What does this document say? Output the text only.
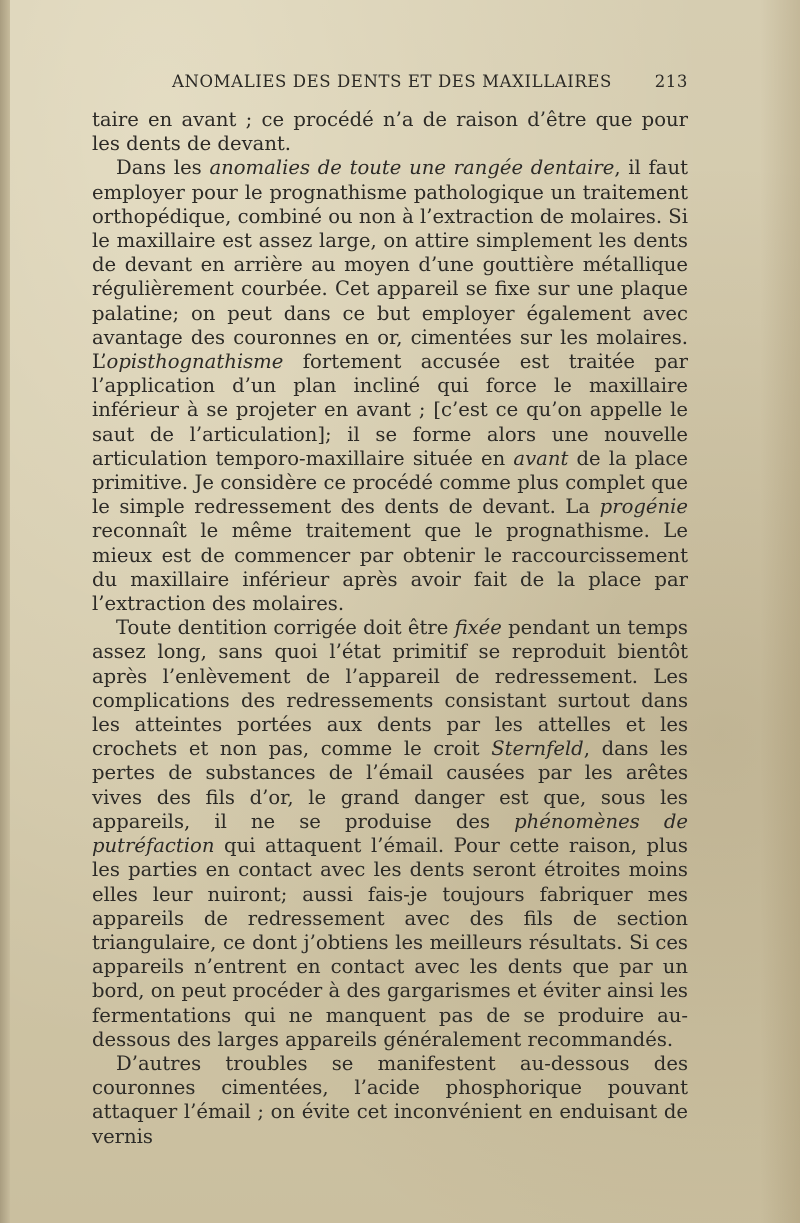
ANOMALIES DES DENTS ET DES MAXILLAIRES	213

taire en avant ; ce procédé n’a de raison d’être que pour les dents de devant.

Dans les anomalies de toute une rangée dentaire, il faut employer pour le prognathisme pathologique un traitement orthopédique, combiné ou non à l’extraction de molaires. Si le maxillaire est assez large, on attire simplement les dents de devant en arrière au moyen d’une gouttière métallique régulièrement courbée. Cet appareil se fixe sur une plaque palatine; on peut dans ce but employer également avec avantage des couronnes en or, cimentées sur les molaires. L’opisthognathisme fortement accusée est traitée par l’application d’un plan incliné qui force le maxillaire inférieur à se projeter en avant ; [c’est ce qu’on appelle le saut de l’articulation]; il se forme alors une nouvelle articulation temporo-maxillaire située en avant de la place primitive. Je considère ce procédé comme plus complet que le simple redressement des dents de devant. La progénie reconnaît le même traitement que le prognathisme. Le mieux est de commencer par obtenir le raccourcissement du maxillaire inférieur après avoir fait de la place par l’extraction des molaires.

Toute dentition corrigée doit être fixée pendant un temps assez long, sans quoi l’état primitif se reproduit bientôt après l’enlèvement de l’appareil de redressement. Les complications des redressements consistant surtout dans les atteintes portées aux dents par les attelles et les crochets et non pas, comme le croit Sternfeld, dans les pertes de substances de l’émail causées par les arêtes vives des fils d’or, le grand danger est que, sous les appareils, il ne se produise des phénomènes de putréfaction qui attaquent l’émail. Pour cette raison, plus les parties en contact avec les dents seront étroites moins elles leur nuiront; aussi fais-je toujours fabriquer mes appareils de redressement avec des fils de section triangulaire, ce dont j’obtiens les meilleurs résultats. Si ces appareils n’entrent en contact avec les dents que par un bord, on peut procéder à des gargarismes et éviter ainsi les fermentations qui ne manquent pas de se produire au-dessous des larges appareils généralement recommandés.

D’autres troubles se manifestent au-dessous des couronnes cimentées, l’acide phosphorique pouvant attaquer l’émail ; on évite cet inconvénient en enduisant de vernis
